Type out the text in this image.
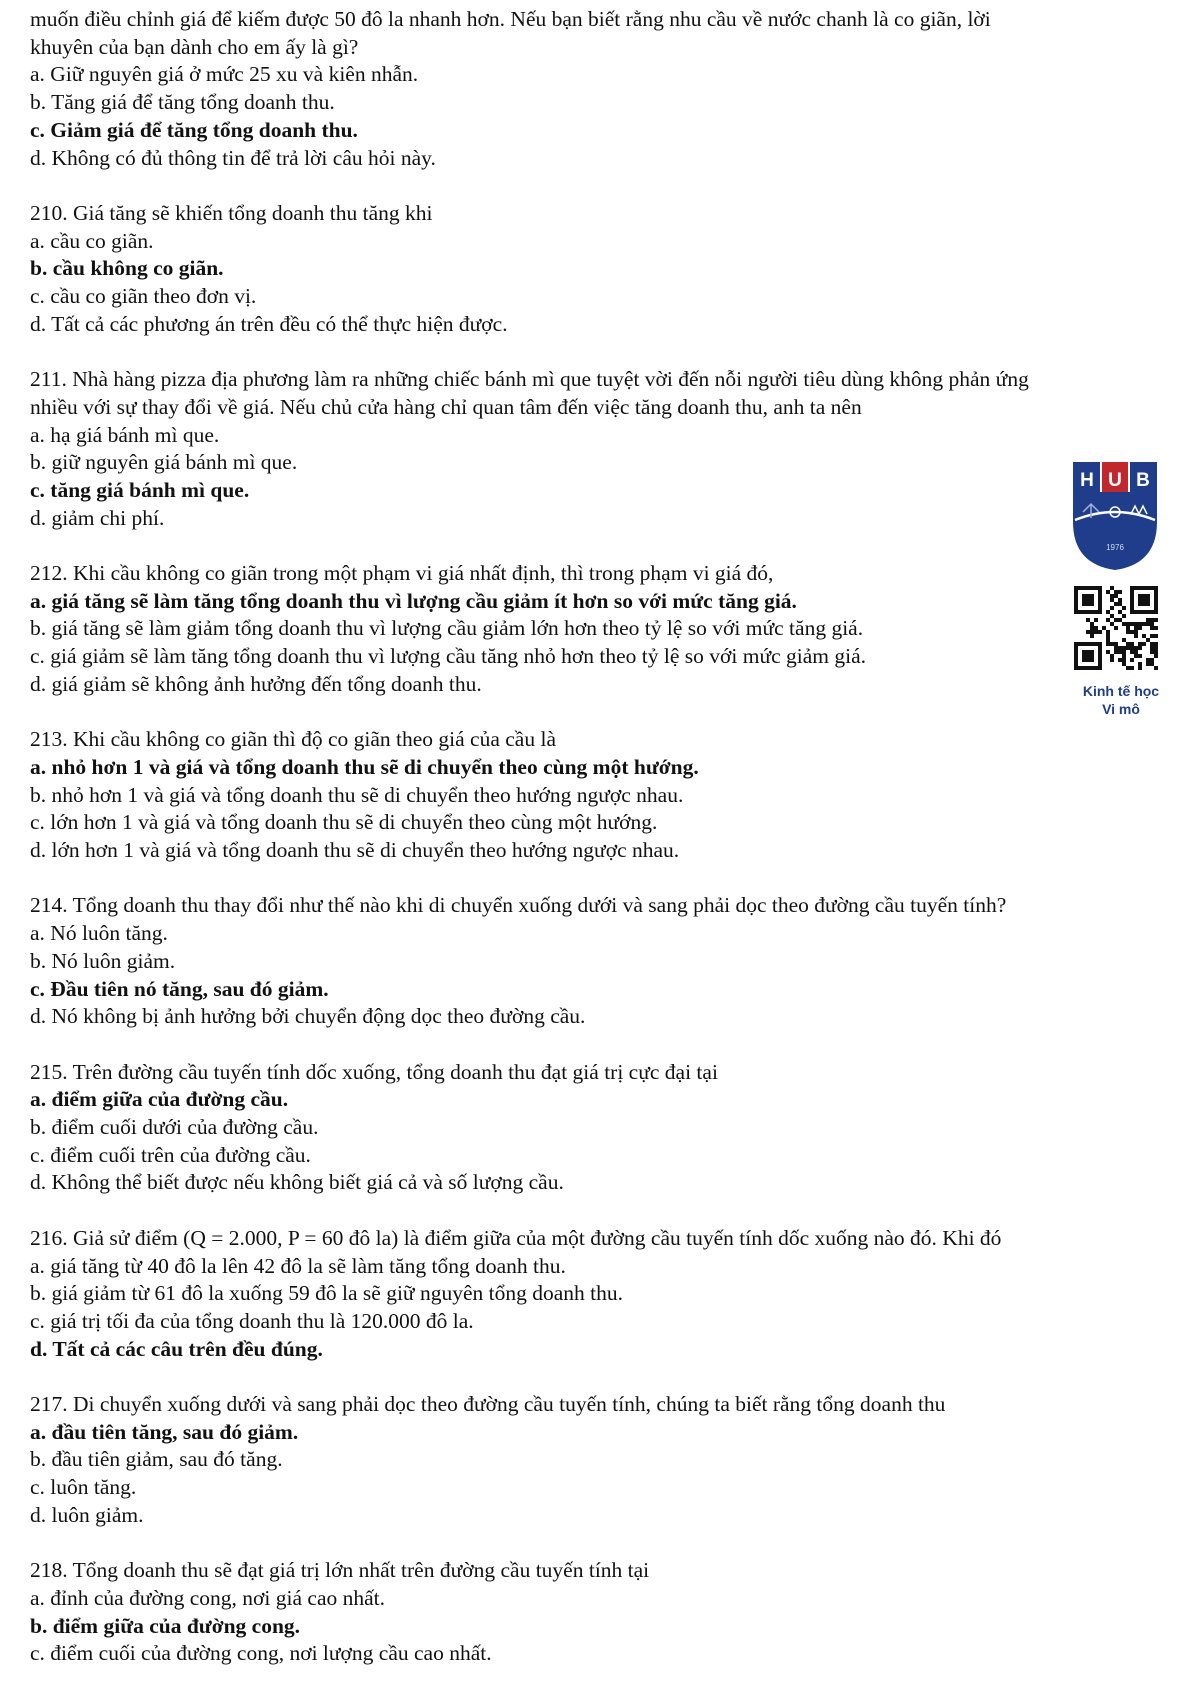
muốn điều chỉnh giá để kiếm được 50 đô la nhanh hơn. Nếu bạn biết rằng nhu cầu về nước chanh là co giãn, lời
khuyên của bạn dành cho em ấy là gì?
a. Giữ nguyên giá ở mức 25 xu và kiên nhẫn.
b. Tăng giá để tăng tổng doanh thu.
c. Giảm giá để tăng tổng doanh thu.
d. Không có đủ thông tin để trả lời câu hỏi này.
210. Giá tăng sẽ khiến tổng doanh thu tăng khi
a. cầu co giãn.
b. cầu không co giãn.
c. cầu co giãn theo đơn vị.
d. Tất cả các phương án trên đều có thể thực hiện được.
211. Nhà hàng pizza địa phương làm ra những chiếc bánh mì que tuyệt vời đến nỗi người tiêu dùng không phản ứng
nhiều với sự thay đổi về giá. Nếu chủ cửa hàng chỉ quan tâm đến việc tăng doanh thu, anh ta nên
a. hạ giá bánh mì que.
b. giữ nguyên giá bánh mì que.
c. tăng giá bánh mì que.
d. giảm chi phí.
212. Khi cầu không co giãn trong một phạm vi giá nhất định, thì trong phạm vi giá đó,
a. giá tăng sẽ làm tăng tổng doanh thu vì lượng cầu giảm ít hơn so với mức tăng giá.
b. giá tăng sẽ làm giảm tổng doanh thu vì lượng cầu giảm lớn hơn theo tỷ lệ so với mức tăng giá.
c. giá giảm sẽ làm tăng tổng doanh thu vì lượng cầu tăng nhỏ hơn theo tỷ lệ so với mức giảm giá.
d. giá giảm sẽ không ảnh hưởng đến tổng doanh thu.
213. Khi cầu không co giãn thì độ co giãn theo giá của cầu là
a. nhỏ hơn 1 và giá và tổng doanh thu sẽ di chuyển theo cùng một hướng.
b. nhỏ hơn 1 và giá và tổng doanh thu sẽ di chuyển theo hướng ngược nhau.
c. lớn hơn 1 và giá và tổng doanh thu sẽ di chuyển theo cùng một hướng.
d. lớn hơn 1 và giá và tổng doanh thu sẽ di chuyển theo hướng ngược nhau.
214. Tổng doanh thu thay đổi như thế nào khi di chuyển xuống dưới và sang phải dọc theo đường cầu tuyến tính?
a. Nó luôn tăng.
b. Nó luôn giảm.
c. Đầu tiên nó tăng, sau đó giảm.
d. Nó không bị ảnh hưởng bởi chuyển động dọc theo đường cầu.
215. Trên đường cầu tuyến tính dốc xuống, tổng doanh thu đạt giá trị cực đại tại
a. điểm giữa của đường cầu.
b. điểm cuối dưới của đường cầu.
c. điểm cuối trên của đường cầu.
d. Không thể biết được nếu không biết giá cả và số lượng cầu.
216. Giả sử điểm (Q = 2.000, P = 60 đô la) là điểm giữa của một đường cầu tuyến tính dốc xuống nào đó. Khi đó
a. giá tăng từ 40 đô la lên 42 đô la sẽ làm tăng tổng doanh thu.
b. giá giảm từ 61 đô la xuống 59 đô la sẽ giữ nguyên tổng doanh thu.
c. giá trị tối đa của tổng doanh thu là 120.000 đô la.
d. Tất cả các câu trên đều đúng.
217. Di chuyển xuống dưới và sang phải dọc theo đường cầu tuyến tính, chúng ta biết rằng tổng doanh thu
a. đầu tiên tăng, sau đó giảm.
b. đầu tiên giảm, sau đó tăng.
c. luôn tăng.
d. luôn giảm.
218. Tổng doanh thu sẽ đạt giá trị lớn nhất trên đường cầu tuyến tính tại
a. đỉnh của đường cong, nơi giá cao nhất.
b. điểm giữa của đường cong.
c. điểm cuối của đường cong, nơi lượng cầu cao nhất.
H U B
1976
Kinh tế học
Vi mô
